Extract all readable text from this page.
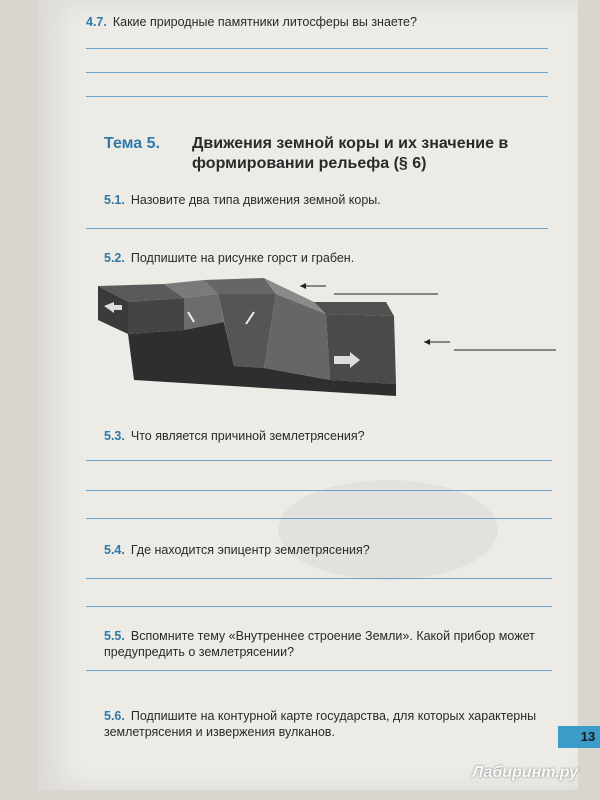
4.7. Какие природные памятники литосферы вы знаете?
Тема 5. Движения земной коры и их значение в формировании рельефа (§ 6)
5.1. Назовите два типа движения земной коры.
5.2. Подпишите на рисунке горст и грабен.
5.3. Что является причиной землетрясения?
5.4. Где находится эпицентр землетрясения?
5.5. Вспомните тему «Внутреннее строение Земли». Какой прибор может предупредить о землетрясении?
5.6. Подпишите на контурной карте государства, для которых характерны землетрясения и извержения вулканов.	13
Лабиринт.ру
